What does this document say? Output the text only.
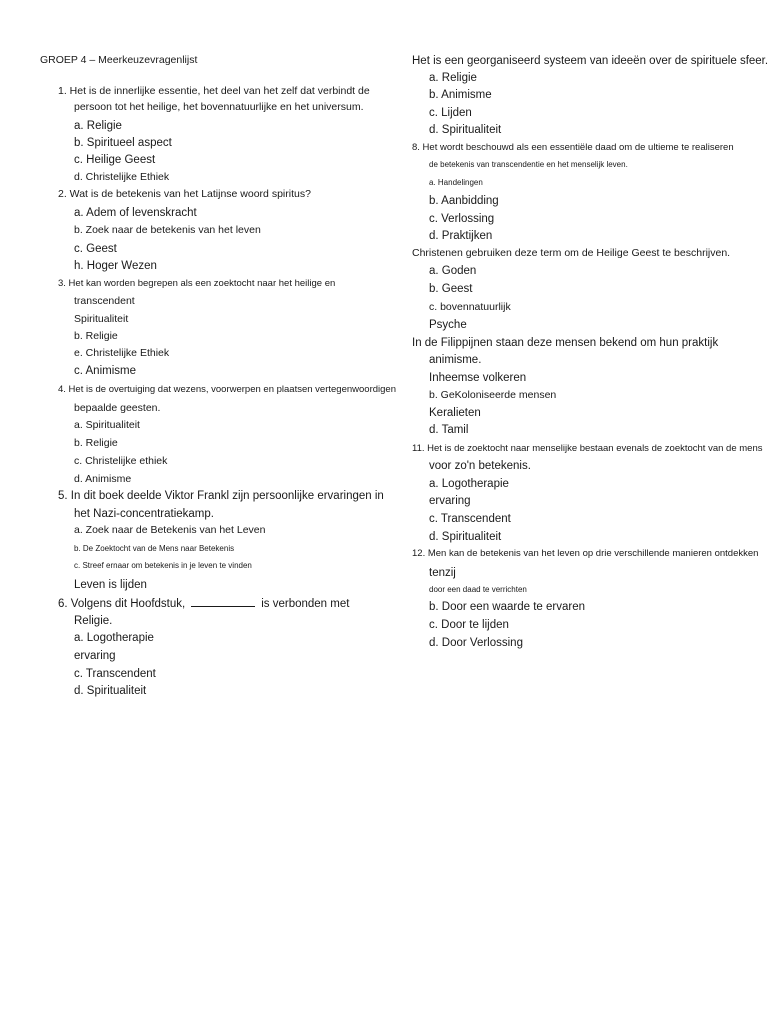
GROEP 4 – Meerkeuzevragenlijst
1. Het is de innerlijke essentie, het deel van het zelf dat verbindt de
persoon tot het heilige, het bovennatuurlijke en het universum.
a. Religie
b. Spiritueel aspect
c. Heilige Geest
d. Christelijke Ethiek
2. Wat is de betekenis van het Latijnse woord spiritus?
a. Adem of levenskracht
b. Zoek naar de betekenis van het leven
c. Geest
h. Hoger Wezen
3. Het kan worden begrepen als een zoektocht naar het heilige en
transcendent
Spiritualiteit
b. Religie
e. Christelijke Ethiek
c. Animisme
4. Het is de overtuiging dat wezens, voorwerpen en plaatsen vertegenwoordigen
bepaalde geesten.
a. Spiritualiteit
b. Religie
c. Christelijke ethiek
d. Animisme
5. In dit boek deelde Viktor Frankl zijn persoonlijke ervaringen in
het Nazi-concentratiekamp.
a. Zoek naar de Betekenis van het Leven
b. De Zoektocht van de Mens naar Betekenis
c. Streef ernaar om betekenis in je leven te vinden
Leven is lijden
6. Volgens dit Hoofdstuk,	is verbonden met
Religie.
a. Logotherapie
ervaring
c. Transcendent
d. Spiritualiteit
Het is een georganiseerd systeem van ideeën over de spirituele sfeer.
a. Religie
b. Animisme
c. Lijden
d. Spiritualiteit
8. Het wordt beschouwd als een essentiële daad om de ultieme te realiseren
de betekenis van transcendentie en het menselijk leven.
a. Handelingen
b. Aanbidding
c. Verlossing
d. Praktijken
Christenen gebruiken deze term om de Heilige Geest te beschrijven.
a. Goden
b. Geest
c. bovennatuurlijk
Psyche
In de Filippijnen staan deze mensen bekend om hun praktijk
animisme.
Inheemse volkeren
b. GeKoloniseerde mensen
Keralieten
d. Tamil
11. Het is de zoektocht naar menselijke bestaan evenals de zoektocht van de mens
voor zo'n betekenis.
a. Logotherapie
ervaring
c. Transcendent
d. Spiritualiteit
12. Men kan de betekenis van het leven op drie verschillende manieren ontdekken
tenzij
door een daad te verrichten
b. Door een waarde te ervaren
c. Door te lijden
d. Door Verlossing
